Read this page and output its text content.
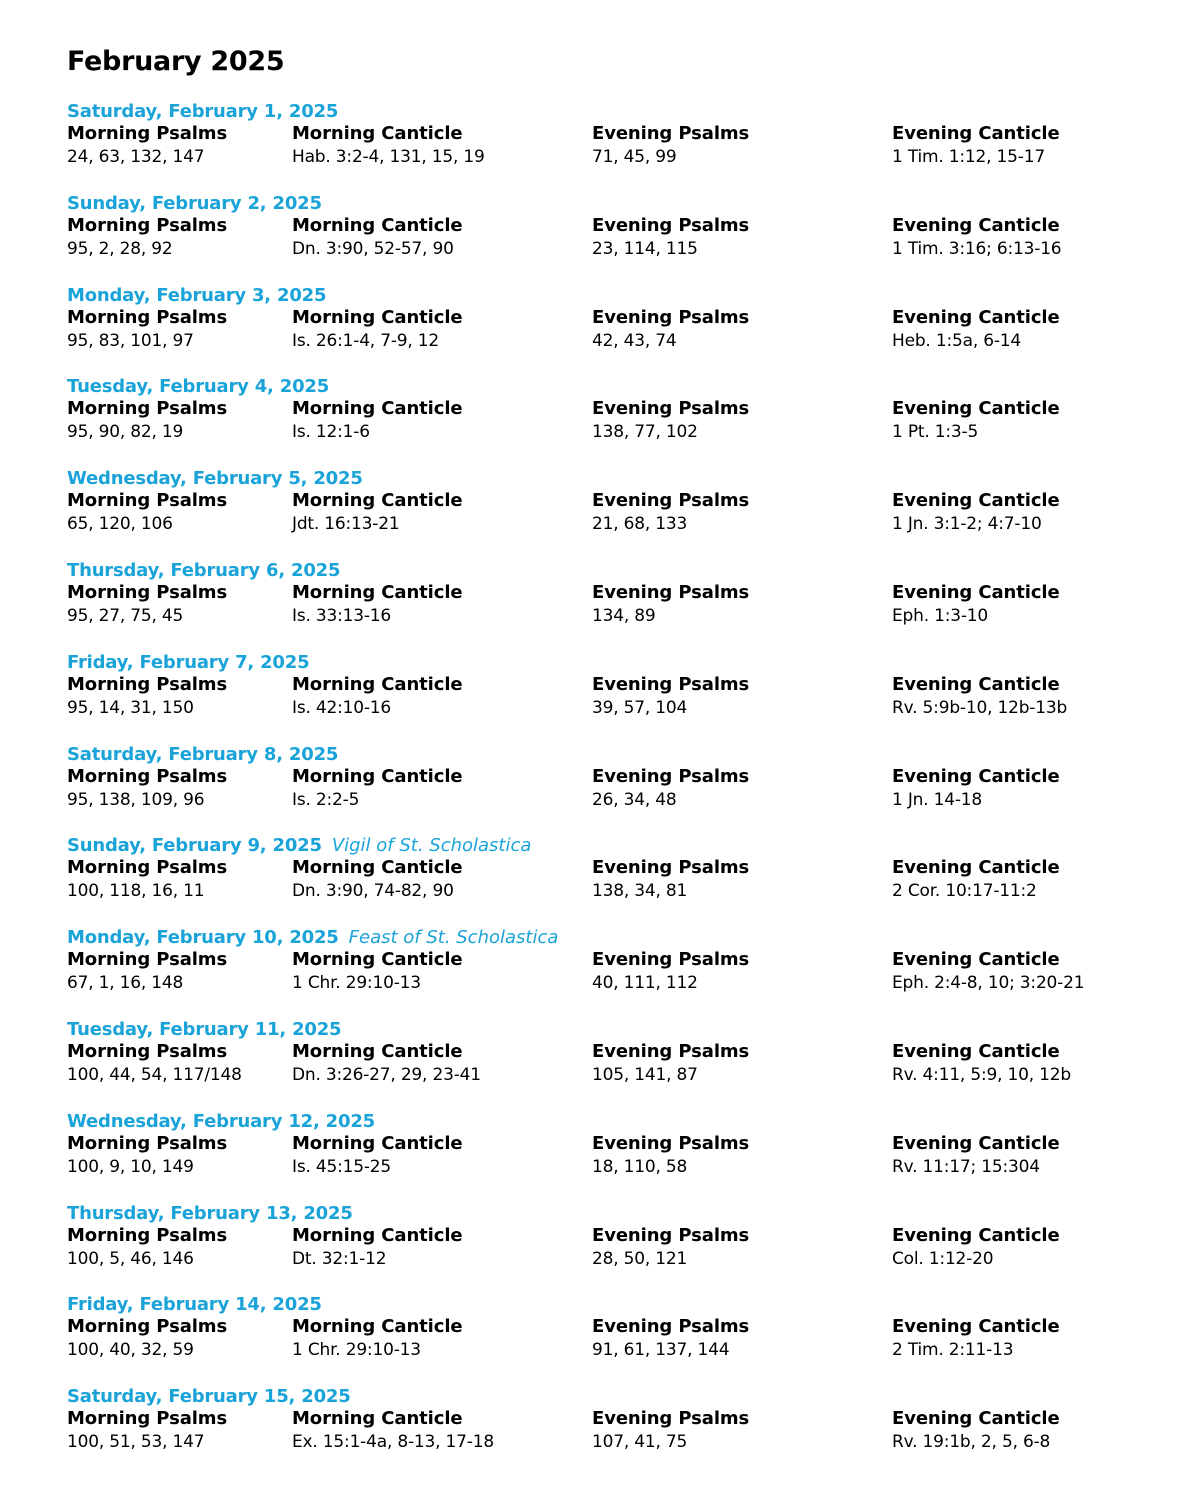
February 2025
Saturday, February 1, 2025
Morning Psalms
24, 63, 132, 147
Morning Canticle
Hab. 3:2-4, 131, 15, 19
Evening Psalms
71, 45, 99
Evening Canticle
1 Tim. 1:12, 15-17
Sunday, February 2, 2025
Morning Psalms
95, 2, 28, 92
Morning Canticle
Dn. 3:90, 52-57, 90
Evening Psalms
23, 114, 115
Evening Canticle
1 Tim. 3:16; 6:13-16
Monday, February 3, 2025
Morning Psalms
95, 83, 101, 97
Morning Canticle
Is. 26:1-4, 7-9, 12
Evening Psalms
42, 43, 74
Evening Canticle
Heb. 1:5a, 6-14
Tuesday, February 4, 2025
Morning Psalms
95, 90, 82, 19
Morning Canticle
Is. 12:1-6
Evening Psalms
138, 77, 102
Evening Canticle
1 Pt. 1:3-5
Wednesday, February 5, 2025
Morning Psalms
65, 120, 106
Morning Canticle
Jdt. 16:13-21
Evening Psalms
21, 68, 133
Evening Canticle
1 Jn. 3:1-2; 4:7-10
Thursday, February 6, 2025
Morning Psalms
95, 27, 75, 45
Morning Canticle
Is. 33:13-16
Evening Psalms
134, 89
Evening Canticle
Eph. 1:3-10
Friday, February 7, 2025
Morning Psalms
95, 14, 31, 150
Morning Canticle
Is. 42:10-16
Evening Psalms
39, 57, 104
Evening Canticle
Rv. 5:9b-10, 12b-13b
Saturday, February 8, 2025
Morning Psalms
95, 138, 109, 96
Morning Canticle
Is. 2:2-5
Evening Psalms
26, 34, 48
Evening Canticle
1 Jn. 14-18
Sunday, February 9, 2025 Vigil of St. Scholastica
Morning Psalms
100, 118, 16, 11
Morning Canticle
Dn. 3:90, 74-82, 90
Evening Psalms
138, 34, 81
Evening Canticle
2 Cor. 10:17-11:2
Monday, February 10, 2025 Feast of St. Scholastica
Morning Psalms
67, 1, 16, 148
Morning Canticle
1 Chr. 29:10-13
Evening Psalms
40, 111, 112
Evening Canticle
Eph. 2:4-8, 10; 3:20-21
Tuesday, February 11, 2025
Morning Psalms
100, 44, 54, 117/148
Morning Canticle
Dn. 3:26-27, 29, 23-41
Evening Psalms
105, 141, 87
Evening Canticle
Rv. 4:11, 5:9, 10, 12b
Wednesday, February 12, 2025
Morning Psalms
100, 9, 10, 149
Morning Canticle
Is. 45:15-25
Evening Psalms
18, 110, 58
Evening Canticle
Rv. 11:17; 15:304
Thursday, February 13, 2025
Morning Psalms
100, 5, 46, 146
Morning Canticle
Dt. 32:1-12
Evening Psalms
28, 50, 121
Evening Canticle
Col. 1:12-20
Friday, February 14, 2025
Morning Psalms
100, 40, 32, 59
Morning Canticle
1 Chr. 29:10-13
Evening Psalms
91, 61, 137, 144
Evening Canticle
2 Tim. 2:11-13
Saturday, February 15, 2025
Morning Psalms
100, 51, 53, 147
Morning Canticle
Ex. 15:1-4a, 8-13, 17-18
Evening Psalms
107, 41, 75
Evening Canticle
Rv. 19:1b, 2, 5, 6-8
